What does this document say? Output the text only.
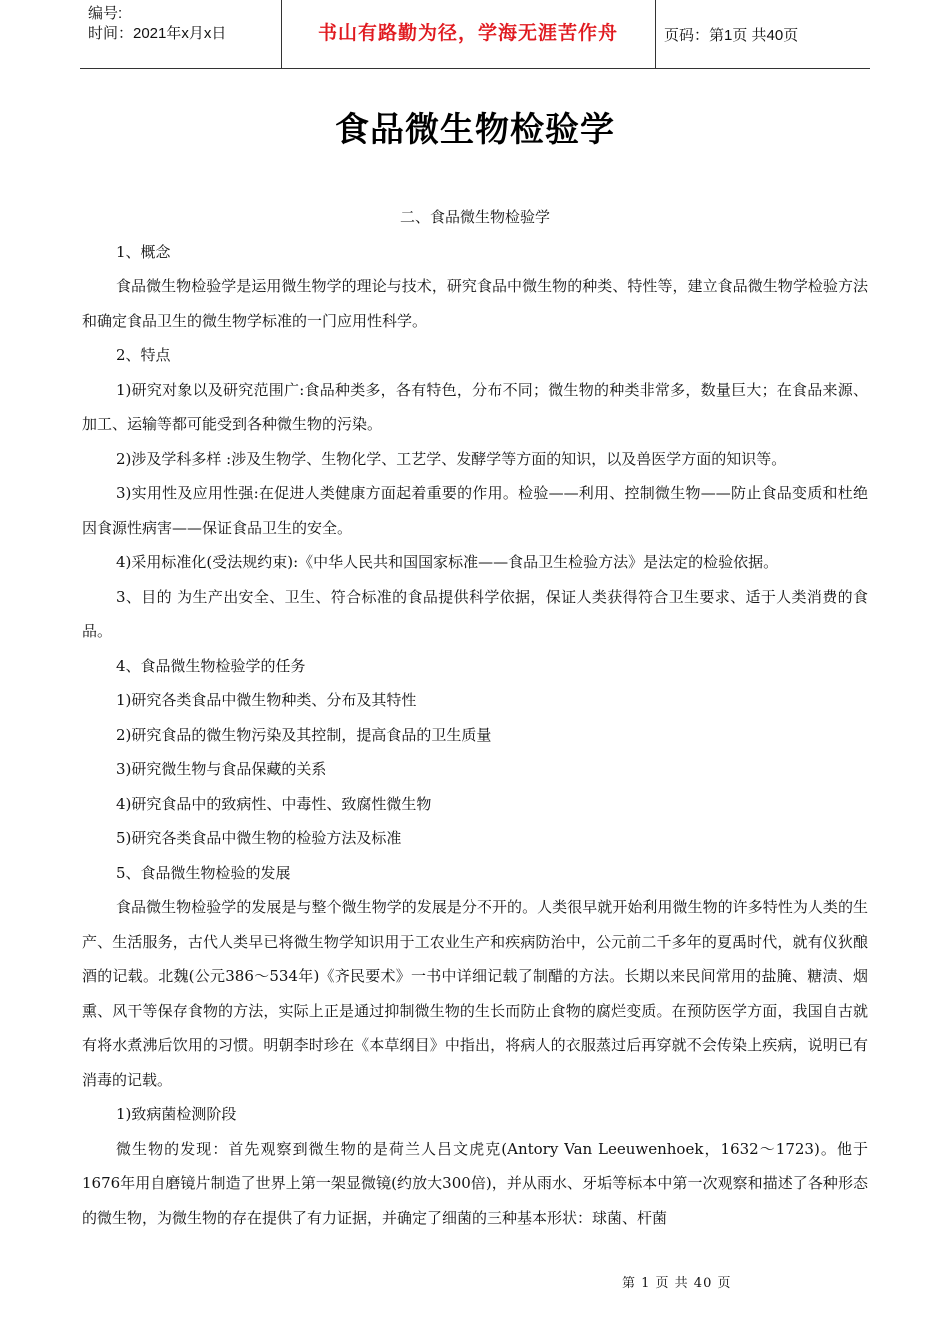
编号:
时间：2021年x月x日	书山有路勤为径，学海无涯苦作舟	页码：第1页 共40页
食品微生物检验学

二、食品微生物检验学

1、概念

食品微生物检验学是运用微生物学的理论与技术，研究食品中微生物的种类、特性等，建立食品微生物学检验方法和确定食品卫生的微生物学标准的一门应用性科学。

2、特点

1)研究对象以及研究范围广:食品种类多，各有特色，分布不同；微生物的种类非常多，数量巨大；在食品来源、加工、运输等都可能受到各种微生物的污染。

2)涉及学科多样 :涉及生物学、生物化学、工艺学、发酵学等方面的知识，以及兽医学方面的知识等。

3)实用性及应用性强:在促进人类健康方面起着重要的作用。检验——利用、控制微生物——防止食品变质和杜绝因食源性病害——保证食品卫生的安全。

4)采用标准化(受法规约束):《中华人民共和国国家标准——食品卫生检验方法》是法定的检验依据。

3、目的 为生产出安全、卫生、符合标准的食品提供科学依据，保证人类获得符合卫生要求、适于人类消费的食品。

4、食品微生物检验学的任务

1)研究各类食品中微生物种类、分布及其特性

2)研究食品的微生物污染及其控制，提高食品的卫生质量

3)研究微生物与食品保藏的关系

4)研究食品中的致病性、中毒性、致腐性微生物

5)研究各类食品中微生物的检验方法及标准

5、食品微生物检验的发展

食品微生物检验学的发展是与整个微生物学的发展是分不开的。人类很早就开始利用微生物的许多特性为人类的生产、生活服务，古代人类早已将微生物学知识用于工农业生产和疾病防治中，公元前二千多年的夏禹时代，就有仪狄酿酒的记载。北魏(公元386～534年)《齐民要术》一书中详细记载了制醋的方法。长期以来民间常用的盐腌、糖渍、烟熏、风干等保存食物的方法，实际上正是通过抑制微生物的生长而防止食物的腐烂变质。在预防医学方面，我国自古就有将水煮沸后饮用的习惯。明朝李时珍在《本草纲目》中指出，将病人的衣服蒸过后再穿就不会传染上疾病，说明已有消毒的记载。

1)致病菌检测阶段

微生物的发现：首先观察到微生物的是荷兰人吕文虎克(Antory Van Leeuwenhoek，1632～1723)。他于1676年用自磨镜片制造了世界上第一架显微镜(约放大300倍)，并从雨水、牙垢等标本中第一次观察和描述了各种形态的微生物，为微生物的存在提供了有力证据，并确定了细菌的三种基本形状：球菌、杆菌

第 1 页 共 40 页
